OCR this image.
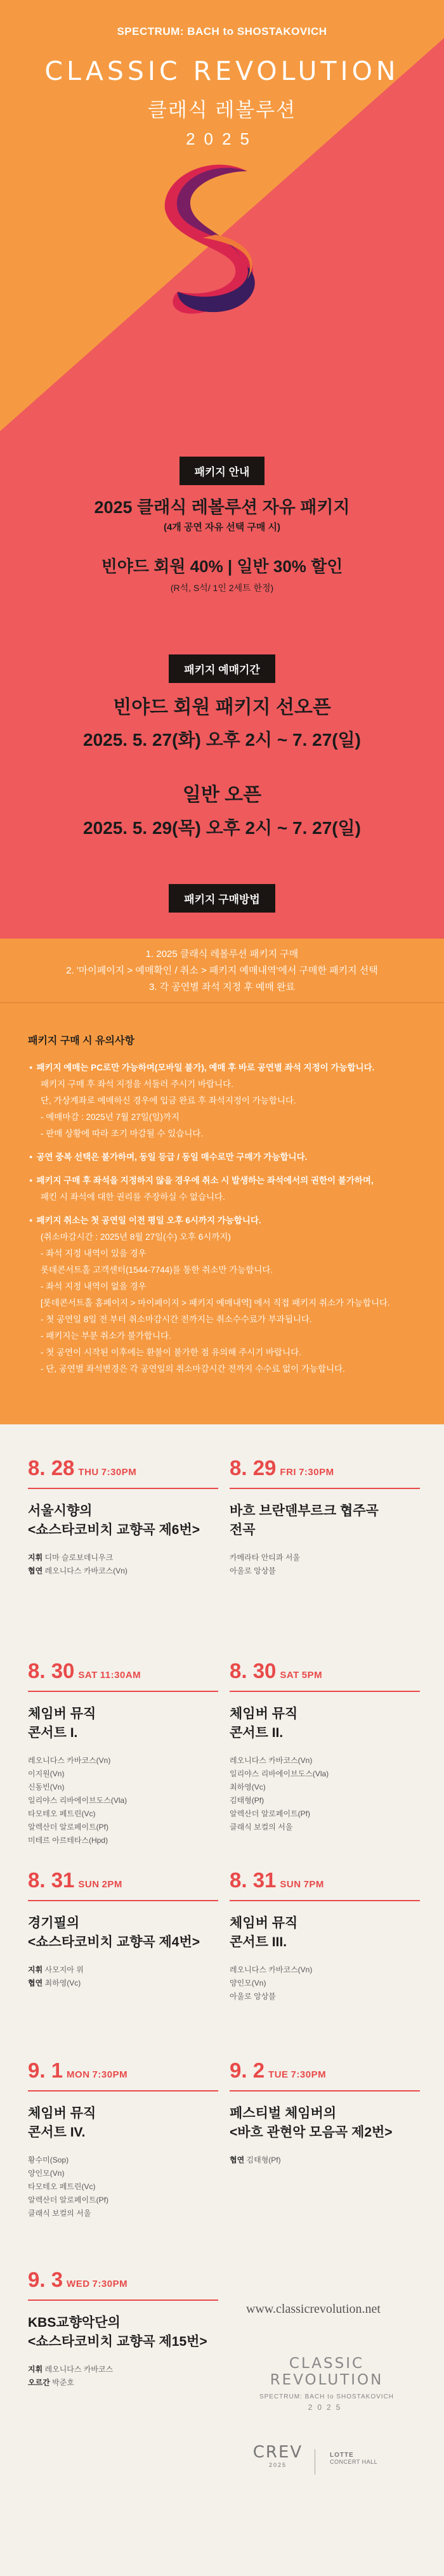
SPECTRUM: BACH to SHOSTAKOVICH
CLASSIC REVOLUTION
클래식 레볼루션
2025
패키지 안내
2025 클래식 레볼루션 자유 패키지
(4개 공연 자유 선택 구매 시)
빈야드 회원 40% | 일반 30% 할인
(R석, S석/ 1인 2세트 한정)
패키지 예매기간
빈야드 회원 패키지 선오픈
2025. 5. 27(화) 오후 2시 ~ 7. 27(일)
일반 오픈
2025. 5. 29(목) 오후 2시 ~ 7. 27(일)
패키지 구매방법
1. 2025 클래식 레볼루션 패키지 구매
2. '마이페이지 > 예매확인 / 취소 > 패키지 예매내역'에서 구매한 패키지 선택
3. 각 공연별 좌석 지정 후 예매 완료
패키지 구매 시 유의사항
● 패키지 예매는 PC로만 가능하며(모바일 불가), 예매 후 바로 공연별 좌석 지정이 가능합니다.
패키지 구매 후 좌석 지정을 서둘러 주시기 바랍니다.
단, 가상계좌로 예매하신 경우에 입금 완료 후 좌석지정이 가능합니다.
- 예매마감 : 2025년 7월 27일(일)까지
- 판매 상황에 따라 조기 마감될 수 있습니다.
● 공연 중복 선택은 불가하며, 동일 등급 / 동일 매수로만 구매가 가능합니다.
● 패키지 구매 후 좌석을 지정하지 않을 경우에 취소 시 발생하는 좌석에서의 권한이 불가하며,
패킨 시 좌석에 대한 권리를 주장하실 수 없습니다.
● 패키지 취소는 첫 공연일 이전 평일 오후 6시까지 가능합니다.
(취소마감시간 : 2025년 8월 27일(수) 오후 6시까지)
- 좌석 지정 내역이 있을 경우
롯데콘서트홀 고객센터(1544-7744)를 통한 취소만 가능합니다.
- 좌석 지정 내역이 없을 경우
[롯데콘서트홀 홈페이지 > 마이페이지 > 패키지 예매내역] 에서 직접 패키지 취소가 가능합니다.
- 첫 공연일 8일 전 부터 취소마감시간 전까지는 취소수수료가 부과됩니다.
- 패키지는 부분 취소가 불가합니다.
- 첫 공연이 시작된 이후에는 환불이 불가한 점 유의해 주시기 바랍니다.
- 단, 공연별 좌석변경은 각 공연일의 취소마감시간 전까지 수수료 없이 가능합니다.
8. 28 THU 7:30PM
서울시향의
<쇼스타코비치 교향곡 제6번>
지휘 디마 슬로보데니우크
협연 레오니다스 카바코스(Vn)
8. 29 FRI 7:30PM
바흐 브란덴부르크 협주곡
전곡
카메라타 안티콰 서울
아울로 앙상블
8. 30 SAT 11:30AM
체임버 뮤직
콘서트 I.
레오니다스 카바코스(Vn)
이지원(Vn)
신동빈(Vn)
일리야스 리바에이브도스(Vla)
타모테오 페트린(Vc)
알렉산더 알로페이트(Pf)
미테르 아르테타스(Hpd)
8. 30 SAT 5PM
체임버 뮤직
콘서트 II.
레오니다스 카바코스(Vn)
일리야스 리바에이브도스(Vla)
최하영(Vc)
김태형(Pf)
알렉산더 알로페이트(Pf)
클래식 보컬의 서울
8. 31 SUN 2PM
경기필의
<쇼스타코비치 교향곡 제4번>
지휘 사모지아 위
협연 최하영(Vc)
8. 31 SUN 7PM
체임버 뮤직
콘서트 III.
레오니다스 카바코스(Vn)
양인모(Vn)
아울로 앙상블
9. 1 MON 7:30PM
체임버 뮤직
콘서트 IV.
황수미(Sop)
양인모(Vn)
타모테오 페트린(Vc)
알렉산더 알로페이트(Pf)
클래식 보컬의 서울
9. 2 TUE 7:30PM
페스티벌 체임버의
<바흐 관현악 모음곡 제2번>
협연 김태형(Pf)
9. 3 WED 7:30PM
KBS교향악단의
<쇼스타코비치 교향곡 제15번>
지휘 레오니다스 카바코스
오르간 박준호
www.classicrevolution.net
CLASSIC REVOLUTION
SPECTRUM: BACH to SHOSTAKOVICH
2025
CREV
2025
LOTTE
CONCERT HALL
